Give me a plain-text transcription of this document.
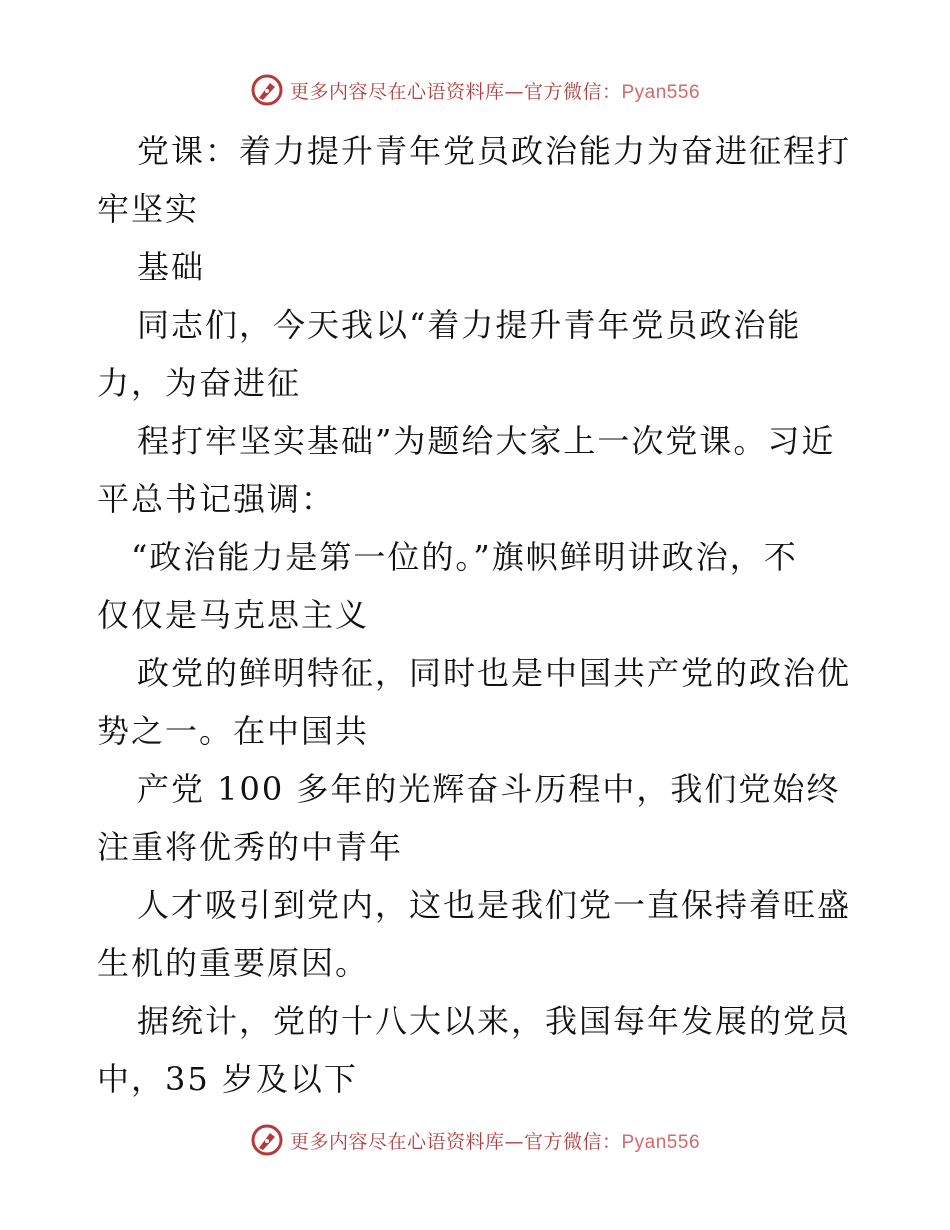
更多内容尽在心语资料库—官方微信：Pyan556
党课：着力提升青年党员政治能力为奋进征程打
牢坚实
基础
同志们，今天我以“着力提升青年党员政治能
力，为奋进征
程打牢坚实基础”为题给大家上一次党课。习近
平总书记强调：
“政治能力是第一位的。”旗帜鲜明讲政治，不
仅仅是马克思主义
政党的鲜明特征，同时也是中国共产党的政治优
势之一。在中国共
产党 100 多年的光辉奋斗历程中，我们党始终
注重将优秀的中青年
人才吸引到党内，这也是我们党一直保持着旺盛
生机的重要原因。
据统计，党的十八大以来，我国每年发展的党员
中，35 岁及以下
更多内容尽在心语资料库—官方微信：Pyan556
